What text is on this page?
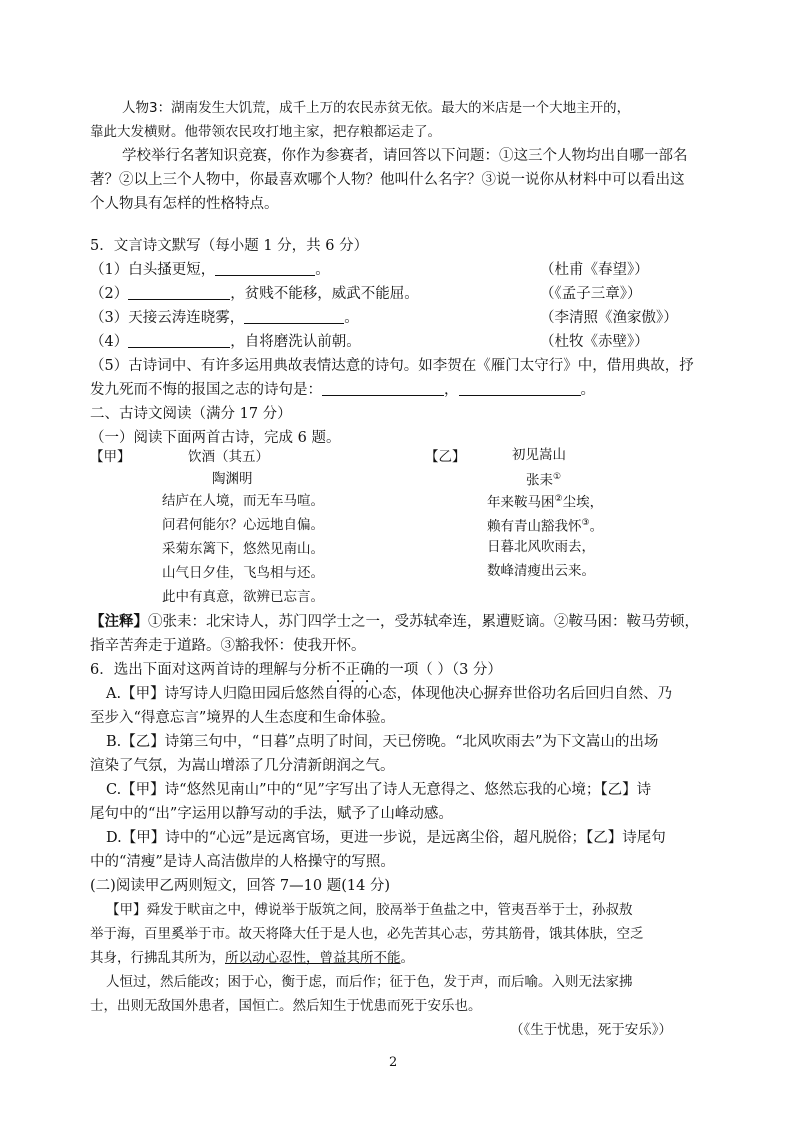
人物3：湖南发生大饥荒，成千上万的农民赤贫无依。最大的米店是一个大地主开的，
靠此大发横财。他带领农民攻打地主家，把存粮都运走了。
学校举行名著知识竞赛，你作为参赛者，请回答以下问题：①这三个人物均出自哪一部名
著？②以上三个人物中，你最喜欢哪个人物？他叫什么名字？③说一说你从材料中可以看出这
个人物具有怎样的性格特点。
5．文言诗文默写（每小题 1 分，共 6 分）
（1）白头搔更短，	。	（杜甫《春望》）
（2）	，贫贱不能移，威武不能屈。	（《孟子三章》）
（3）天接云涛连晓雾，	。	（李清照《渔家傲》）
（4）	，自将磨洗认前朝。	（杜牧《赤壁》）
（5）古诗词中、有许多运用典故表情达意的诗句。如李贺在《雁门太守行》中，借用典故，抒
发九死而不悔的报国之志的诗句是：	，	。
二、古诗文阅读（满分 17 分）
（一）阅读下面两首古诗，完成 6 题。
【甲】	饮酒（其五）
陶渊明
结庐在人境，而无车马喧。
问君何能尔？心远地自偏。
采菊东篱下，悠然见南山。
山气日夕佳，飞鸟相与还。
此中有真意，欲辨已忘言。
【乙】	初见嵩山
张耒①
年来鞍马困②尘埃，
赖有青山豁我怀③。
日暮北风吹雨去，
数峰清瘦出云来。
【注释】①张耒：北宋诗人，苏门四学士之一，受苏轼牵连，累遭贬谪。②鞍马困：鞍马劳顿，
指辛苦奔走于道路。③豁我怀：使我开怀。
6．选出下面对这两首诗的理解与分析不正确的一项（ ）（3 分）
A.【甲】诗写诗人归隐田园后悠然自得的心态，体现他决心摒弃世俗功名后回归自然、乃
至步入“得意忘言”境界的人生态度和生命体验。
B.【乙】诗第三句中，“日暮”点明了时间，天已傍晚。“北风吹雨去”为下文嵩山的出场
渲染了气氛，为嵩山增添了几分清新朗润之气。
C.【甲】诗“悠然见南山”中的“见”字写出了诗人无意得之、悠然忘我的心境；【乙】诗
尾句中的“出”字运用以静写动的手法，赋予了山峰动感。
D.【甲】诗中的“心远”是远离官场，更进一步说，是远离尘俗，超凡脱俗；【乙】诗尾句
中的“清瘦”是诗人高洁傲岸的人格操守的写照。
(二)阅读甲乙两则短文，回答 7—10 题(14 分)
【甲】舜发于畎亩之中，傅说举于版筑之间，胶鬲举于鱼盐之中，管夷吾举于士，孙叔敖
举于海，百里奚举于市。故天将降大任于是人也，必先苦其心志，劳其筋骨，饿其体肤，空乏
其身，行拂乱其所为，所以动心忍性，曾益其所不能。
人恒过，然后能改；困于心，衡于虑，而后作；征于色，发于声，而后喻。入则无法家拂
士，出则无敌国外患者，国恒亡。然后知生于忧患而死于安乐也。
（《生于忧患，死于安乐》）
2
